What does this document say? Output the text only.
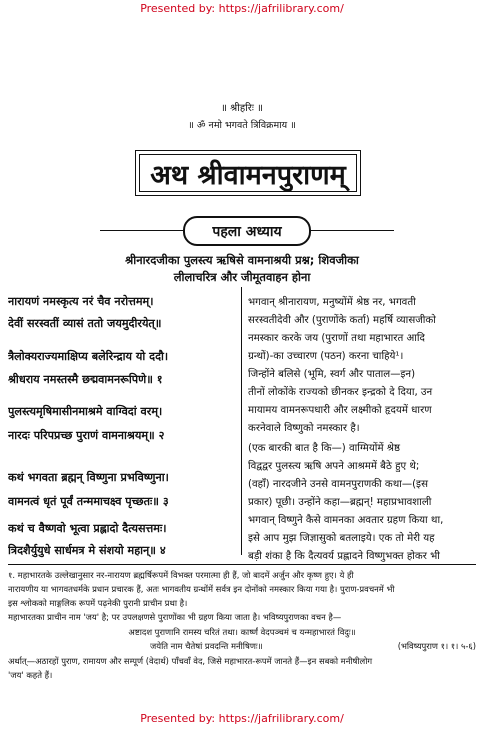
Presented by: https://jafrilibrary.com/
॥ श्रीहरिः ॥
॥ ॐ नमो भगवते त्रिविक्रमाय ॥
अथ श्रीवामनपुराणम्
पहला अध्याय
श्रीनारदजीका पुलस्त्य ऋषिसे वामनाश्रयी प्रश्न; शिवजीका
लीलाचरित्र और जीमूतवाहन होना
नारायणं नमस्कृत्य नरं चैव नरोत्तमम्।
देवीं सरस्वतीं व्यासं ततो जयमुदीरयेत्॥
त्रैलोक्यराज्यमाक्षिप्य बलेरिन्द्राय यो ददौ।
श्रीधराय नमस्तस्मै छद्मवामनरूपिणे॥ १
पुलस्त्यमृषिमासीनमाश्रमे वाग्विदां वरम्।
नारदः परिपप्रच्छ पुराणं वामनाश्रयम्॥ २
कथं भगवता ब्रह्मन् विष्णुना प्रभविष्णुना।
वामनत्वं धृतं पूर्वं तन्ममाचक्ष्व पृच्छतः॥ ३
कथं च वैष्णवो भूत्वा प्रह्लादो दैत्यसत्तमः।
त्रिदशैर्युयुधे सार्धमत्र मे संशयो महान्॥ ४
भगवान् श्रीनारायण, मनुष्योंमें श्रेष्ठ नर, भगवती
सरस्वतीदेवी और (पुराणोंके कर्ता) महर्षि व्यासजीको
नमस्कार करके जय (पुराणों तथा महाभारत आदि
ग्रन्थों)-का उच्चारण (पठन) करना चाहिये¹।
जिन्होंने बलिसे (भूमि, स्वर्ग और पाताल—इन)
तीनों लोकोंके राज्यको छीनकर इन्द्रको दे दिया, उन
मायामय वामनरूपधारी और लक्ष्मीको हृदयमें धारण
करनेवाले विष्णुको नमस्कार है।
(एक बारकी बात है कि—) वाग्मियोंमें श्रेष्ठ
विद्वद्वर पुलस्त्य ऋषि अपने आश्रममें बैठे हुए थे;
(वहाँ) नारदजीने उनसे वामनपुराणकी कथा—(इस
प्रकार) पूछी। उन्होंने कहा—ब्रह्मन्! महाप्रभावशाली
भगवान् विष्णुने कैसे वामनका अवतार ग्रहण किया था,
इसे आप मुझ जिज्ञासुको बतलाइये। एक तो मेरी यह
बड़ी शंका है कि दैत्यवर्य प्रह्लादने विष्णुभक्त होकर भी
१. महाभारतके उल्लेखानुसार नर-नारायण ब्रह्मर्षिरूपमें विभक्त परमात्मा ही हैं, जो बादमें अर्जुन और कृष्ण हुए। ये ही
नारायणीय या भागवतधर्मके प्रधान प्रचारक हैं, अतः भागवतीय ग्रन्थोंमें सर्वत्र इन दोनोंको नमस्कार किया गया है। पुराण-प्रवचनमें भी
इस श्लोकको माङ्गलिक रूपमें पढ़नेकी पुरानी प्राचीन प्रथा है।
महाभारतका प्राचीन नाम 'जय' है; पर उपलक्षणसे पुराणोंका भी ग्रहण किया जाता है। भविष्यपुराणका वचन है—
अष्टादश पुराणानि रामस्य चरितं तथा। कार्ष्णं वेदपञ्चमं च यन्महाभारतं विदुः॥
जयेति नाम चैतेषां प्रवदन्ति मनीषिणः॥	(भविष्यपुराण १। १। ५-६)
अर्थात्—अठारहों पुराण, रामायण और सम्पूर्ण (वेदार्थ) पाँचवाँ वेद, जिसे महाभारत-रूपमें जानते हैं—इन सबको मनीषीलोग
'जय' कहते हैं।
Presented by: https://jafrilibrary.com/
